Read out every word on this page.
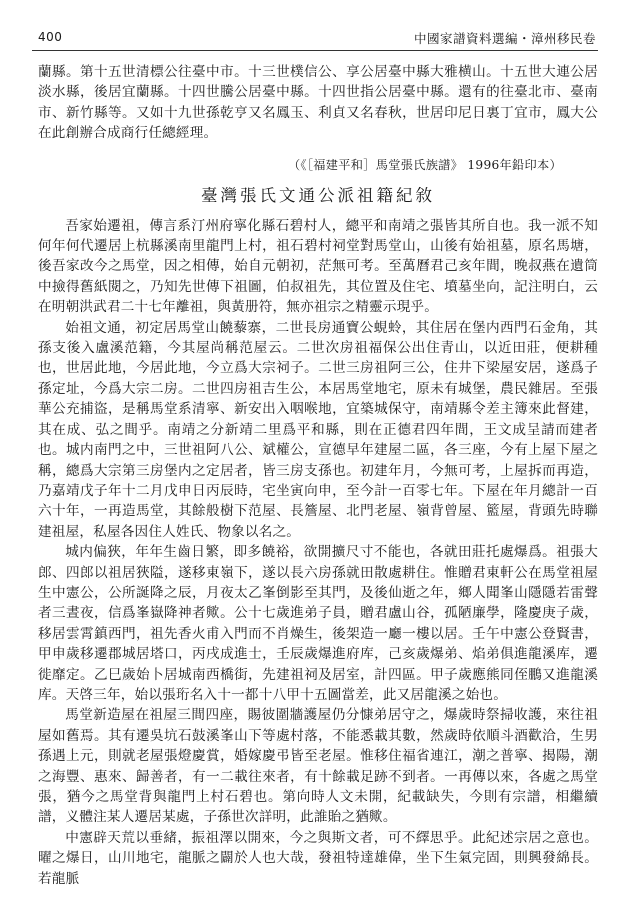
400	中國家譜資料選編・漳州移民卷

蘭縣。第十五世清標公往臺中市。十三世樸信公、享公居臺中縣大雅横山。十五世大連公居淡水縣，後居宜蘭縣。十四世騰公居臺中縣。十四世指公居臺中縣。還有的往臺北市、臺南市、新竹縣等。又如十九世孫乾亨又名鳳玉、利貞又名春秋，世居印尼日裏丁宜市，鳳大公在此創辦合成商行任總經理。

（《［福建平和］馬堂張氏族譜》 1996年鉛印本）

臺灣張氏文通公派祖籍紀敘

吾家始遷祖，傳言系汀州府寧化縣石碧村人，總平和南靖之張皆其所自也。我一派不知何年何代遷居上杭縣溪南里龍門上村，祖石碧村祠堂對馬堂山，山後有始祖墓，原名馬塘，後吾家改今之馬堂，因之相傳，始自元朝初，茫無可考。至萬曆君己亥年間，晚叔燕在遺筒中撿得舊紙閱之，乃知先世傳下祖圖，伯叔祖先，其位置及住宅、墳墓坐向，記注明白，云在明朝洪武君二十七年離祖，與黃册符，無亦祖宗之精靈示現乎。

始祖文通，初定居馬堂山饒藜寨，二世長房通寶公蜆蛉，其住居在堡内西門石金角，其孫支後入盧溪范籍，今其屋尚稱范屋云。二世次房祖福保公出住青山，以近田莊，便耕種也，世居此地，今居此地，今立爲大宗祠子。二世三房祖阿三公，住井下梁屋安居，遂爲子孫定址，今爲大宗二房。二世四房祖吉生公，本居馬堂地宅，原未有城堡，農民雜居。至張華公充捕盜，是稱馬堂系清寧、新安出入咽喉地，宜築城保守，南靖縣令差主簿來此督建，其在成、弘之間乎。南靖之分新靖二里爲平和縣，則在正德君四年間，王文成呈請而建者也。城内南門之中，三世祖阿八公、斌權公，宣德早年建屋二區，各三座，今有上屋下屋之稱，總爲大宗第三房堡内之定居者，皆三房支孫也。初建年月，今無可考，上屋拆而再造，乃嘉靖戊子年十二月戊申日丙辰時，宅坐寅向申，至今計一百零七年。下屋在年月總計一百六十年，一再造馬堂，其餘般樹下范屋、長簷屋、北門老屋、嶺背曾屋、籃屋，背頭先時聯建祖屋，私屋各因住人姓氏、物象以名之。

城内偏狹，年年生齒日繁，即多饒裕，欲開擴尺寸不能也，各就田莊托處爆爲。祖張大郎、四郎以祖居狹隘，遂移東嶺下，遂以長六房孫就田散處耕住。惟贈君東軒公在馬堂祖屋生中憲公，公所誕降之辰，月夜太乙峯倒影至其門，及後仙逝之年，鄉人聞峯山隱隱若雷聲者三晝夜，信爲峯嶽降神者歟。公十七歲進弟子員，贈君盧山谷，孤陋廉學，隆慶庚子歲，移居雲霄鎮西門，祖先香火甫入門而不肖燥生，後架造一廳一樓以居。壬午中憲公登賢書，甲申歲移遷郡城居塔口，丙戌成進士，壬辰歲爆進府库，己亥歲爆弟、焰弟俱進龍溪库，遷徙靡定。乙巳歲始卜居城南西橋街，先建祖祠及居室，計四區。甲子歲應熊同侄鵬又進龍溪库。天啓三年，始以張珩名入十一都十八甲十五圖當差，此又居龍溪之始也。

馬堂新造屋在祖屋三間四座，賜彼圍牆護屋仍分慷弟居守之，爆歲時祭掃收護，來往祖屋如舊焉。其有遷吳坑石鼓溪峯山下等處村落，不能悉載其數，然歲時依順斗酒歡洽，生男孫遇上元，則就老屋張燈慶賞，婚嫁慶弔皆至老屋。惟移住福省連江，潮之普寧、揭陽，潮之海豐、惠來、歸善者，有一二載往來者，有十餘載足跡不到者。一再傳以來，各處之馬堂張，猶今之馬堂背與龍門上村石碧也。第向時人文未開，紀載缺失，今則有宗譜，相繼續譜，义體注某人遷居某處，子孫世次詳明，此誰貽之猶歟。

中憲辟天荒以垂緒，振祖澤以開來，今之與斯文者，可不繹思乎。此紀述宗居之意也。曜之爆日，山川地宅，龍脈之闢於人也大哉，發祖特達雄偉，坐下生氣完固，則興發綿長。若龍脈
